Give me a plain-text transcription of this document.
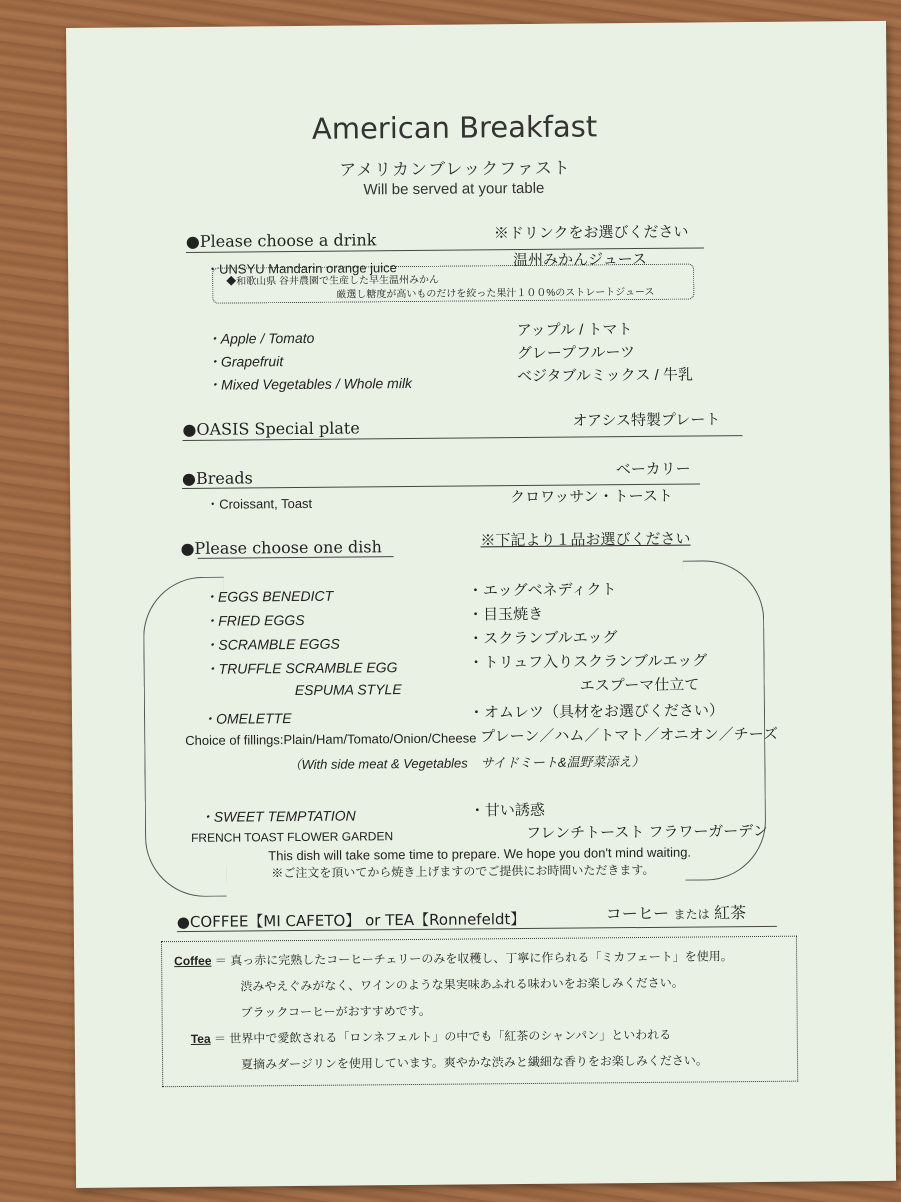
American Breakfast
アメリカンブレックファスト
Will be served at your table
●Please choose a drink	※ドリンクをお選びください
・UNSYU Mandarin orange juice	温州みかんジュース
◆和歌山県 谷井農園で生産した早生温州みかん
厳選し糖度が高いものだけを絞った果汁１００%のストレートジュース
・Apple / Tomato	アップル / トマト
・Grapefruit	グレープフルーツ
・Mixed Vegetables / Whole milk	ベジタブルミックス / 牛乳
●OASIS Special plate	オアシス特製プレート
●Breads	ベーカリー
・Croissant, Toast	クロワッサン・トースト
●Please choose one dish	※下記より１品お選びください
・EGGS BENEDICT	・エッグベネディクト
・FRIED EGGS	・目玉焼き
・SCRAMBLE EGGS	・スクランブルエッグ
・TRUFFLE SCRAMBLE EGG	・トリュフ入りスクランブルエッグ
ESPUMA STYLE	エスプーマ仕立て
・OMELETTE	・オムレツ（具材をお選びください）
Choice of fillings:Plain/Ham/Tomato/Onion/Cheese プレーン／ハム／トマト／オニオン／チーズ
（With side meat & Vegetables　サイドミート&温野菜添え）
・SWEET TEMPTATION	・甘い誘惑
FRENCH TOAST FLOWER GARDEN	フレンチトースト フラワーガーデン
This dish will take some time to prepare. We hope you don't mind waiting.
※ご注文を頂いてから焼き上げますのでご提供にお時間いただきます。
●COFFEE【MI CAFETO】 or TEA【Ronnefeldt】	コーヒー または 紅茶
Coffee ＝ 真っ赤に完熟したコーヒーチェリーのみを収穫し、丁寧に作られる「ミカフェート」を使用。
渋みやえぐみがなく、ワインのような果実味あふれる味わいをお楽しみください。
ブラックコーヒーがおすすめです。
Tea ＝ 世界中で愛飲される「ロンネフェルト」の中でも「紅茶のシャンパン」といわれる
夏摘みダージリンを使用しています。爽やかな渋みと繊細な香りをお楽しみください。
